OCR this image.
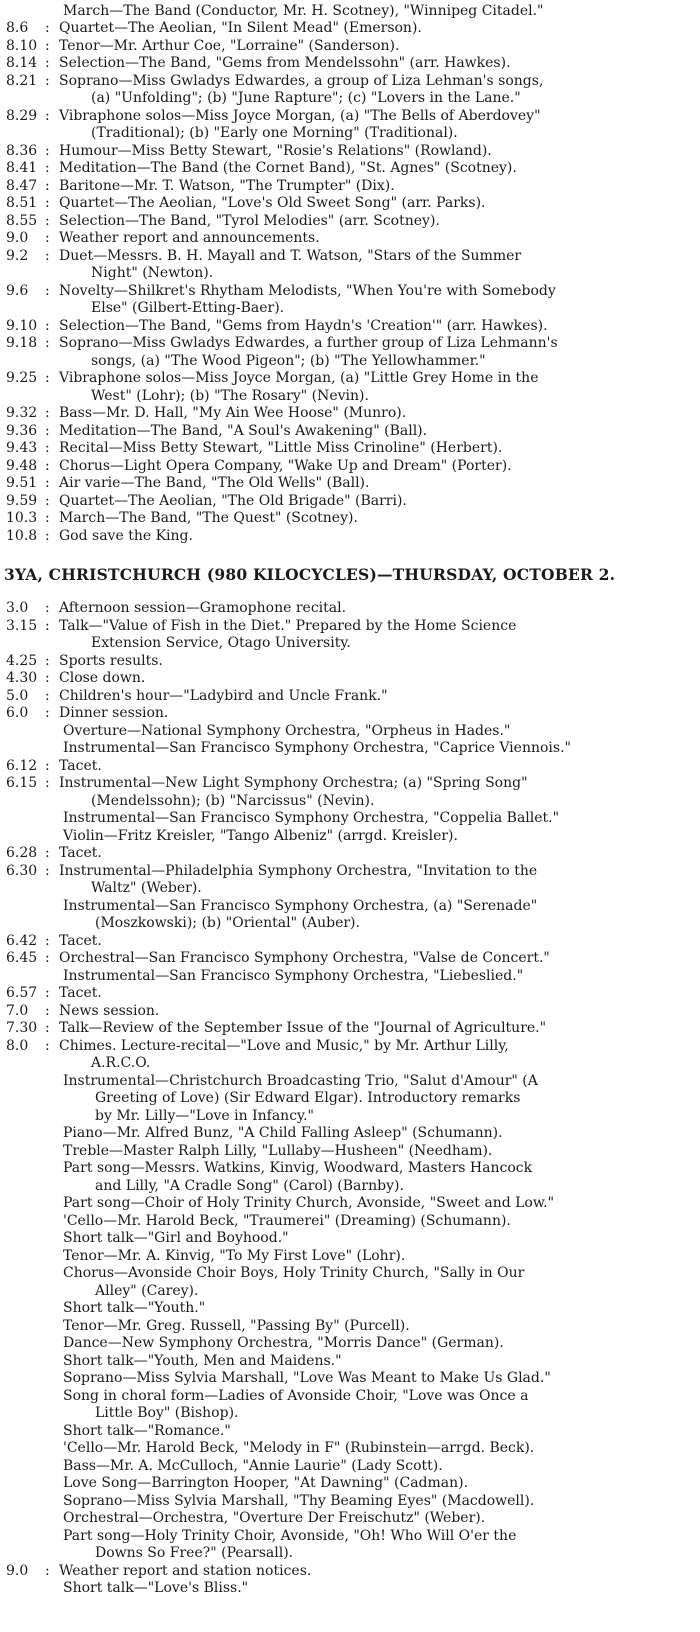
March—The Band (Conductor, Mr. H. Scotney), "Winnipeg Citadel."
8.6	: Quartet—The Aeolian, "In Silent Mead" (Emerson).
8.10 : Tenor—Mr. Arthur Coe, "Lorraine" (Sanderson).
8.14 : Selection—The Band, "Gems from Mendelssohn" (arr. Hawkes).
8.21 : Soprano—Miss Gwladys Edwardes, a group of Liza Lehman's songs,
(a) "Unfolding"; (b) "June Rapture"; (c) "Lovers in the Lane."
8.29 : Vibraphone solos—Miss Joyce Morgan, (a) "The Bells of Aberdovey"
(Traditional); (b) "Early one Morning" (Traditional).
8.36 : Humour—Miss Betty Stewart, "Rosie's Relations" (Rowland).
8.41 : Meditation—The Band (the Cornet Band), "St. Agnes" (Scotney).
8.47 : Baritone—Mr. T. Watson, "The Trumpter" (Dix).
8.51 : Quartet—The Aeolian, "Love's Old Sweet Song" (arr. Parks).
8.55 : Selection—The Band, "Tyrol Melodies" (arr. Scotney).
9.0	: Weather report and announcements.
9.2	: Duet—Messrs. B. H. Mayall and T. Watson, "Stars of the Summer
Night" (Newton).
9.6	: Novelty—Shilkret's Rhytham Melodists, "When You're with Somebody
Else" (Gilbert-Etting-Baer).
9.10 : Selection—The Band, "Gems from Haydn's 'Creation'" (arr. Hawkes).
9.18 : Soprano—Miss Gwladys Edwardes, a further group of Liza Lehmann's
songs, (a) "The Wood Pigeon"; (b) "The Yellowhammer."
9.25 : Vibraphone solos—Miss Joyce Morgan, (a) "Little Grey Home in the
West" (Lohr); (b) "The Rosary" (Nevin).
9.32 : Bass—Mr. D. Hall, "My Ain Wee Hoose" (Munro).
9.36 : Meditation—The Band, "A Soul's Awakening" (Ball).
9.43 : Recital—Miss Betty Stewart, "Little Miss Crinoline" (Herbert).
9.48 : Chorus—Light Opera Company, "Wake Up and Dream" (Porter).
9.51 : Air varie—The Band, "The Old Wells" (Ball).
9.59 : Quartet—The Aeolian, "The Old Brigade" (Barri).
10.3 : March—The Band, "The Quest" (Scotney).
10.8 : God save the King.
3YA, CHRISTCHURCH (980 KILOCYCLES)—THURSDAY, OCTOBER 2.
3.0	: Afternoon session—Gramophone recital.
3.15 : Talk—"Value of Fish in the Diet." Prepared by the Home Science
Extension Service, Otago University.
4.25 : Sports results.
4.30 : Close down.
5.0	: Children's hour—"Ladybird and Uncle Frank."
6.0	: Dinner session.
Overture—National Symphony Orchestra, "Orpheus in Hades."
Instrumental—San Francisco Symphony Orchestra, "Caprice Viennois."
6.12 : Tacet.
6.15 : Instrumental—New Light Symphony Orchestra; (a) "Spring Song"
(Mendelssohn); (b) "Narcissus" (Nevin).
Instrumental—San Francisco Symphony Orchestra, "Coppelia Ballet."
Violin—Fritz Kreisler, "Tango Albeniz" (arrgd. Kreisler).
6.28 : Tacet.
6.30 : Instrumental—Philadelphia Symphony Orchestra, "Invitation to the
Waltz" (Weber).
Instrumental—San Francisco Symphony Orchestra, (a) "Serenade"
(Moszkowski); (b) "Oriental" (Auber).
6.42 : Tacet.
6.45 : Orchestral—San Francisco Symphony Orchestra, "Valse de Concert."
Instrumental—San Francisco Symphony Orchestra, "Liebeslied."
6.57 : Tacet.
7.0	: News session.
7.30 : Talk—Review of the September Issue of the "Journal of Agriculture."
8.0	: Chimes. Lecture-recital—"Love and Music," by Mr. Arthur Lilly,
A.R.C.O.
Instrumental—Christchurch Broadcasting Trio, "Salut d'Amour" (A
Greeting of Love) (Sir Edward Elgar). Introductory remarks
by Mr. Lilly—"Love in Infancy."
Piano—Mr. Alfred Bunz, "A Child Falling Asleep" (Schumann).
Treble—Master Ralph Lilly, "Lullaby—Husheen" (Needham).
Part song—Messrs. Watkins, Kinvig, Woodward, Masters Hancock
and Lilly, "A Cradle Song" (Carol) (Barnby).
Part song—Choir of Holy Trinity Church, Avonside, "Sweet and Low."
'Cello—Mr. Harold Beck, "Traumerei" (Dreaming) (Schumann).
Short talk—"Girl and Boyhood."
Tenor—Mr. A. Kinvig, "To My First Love" (Lohr).
Chorus—Avonside Choir Boys, Holy Trinity Church, "Sally in Our
Alley" (Carey).
Short talk—"Youth."
Tenor—Mr. Greg. Russell, "Passing By" (Purcell).
Dance—New Symphony Orchestra, "Morris Dance" (German).
Short talk—"Youth, Men and Maidens."
Soprano—Miss Sylvia Marshall, "Love Was Meant to Make Us Glad."
Song in choral form—Ladies of Avonside Choir, "Love was Once a
Little Boy" (Bishop).
Short talk—"Romance."
'Cello—Mr. Harold Beck, "Melody in F" (Rubinstein—arrgd. Beck).
Bass—Mr. A. McCulloch, "Annie Laurie" (Lady Scott).
Love Song—Barrington Hooper, "At Dawning" (Cadman).
Soprano—Miss Sylvia Marshall, "Thy Beaming Eyes" (Macdowell).
Orchestral—Orchestra, "Overture Der Freischutz" (Weber).
Part song—Holy Trinity Choir, Avonside, "Oh! Who Will O'er the
Downs So Free?" (Pearsall).
9.0	: Weather report and station notices.
Short talk—"Love's Bliss."
